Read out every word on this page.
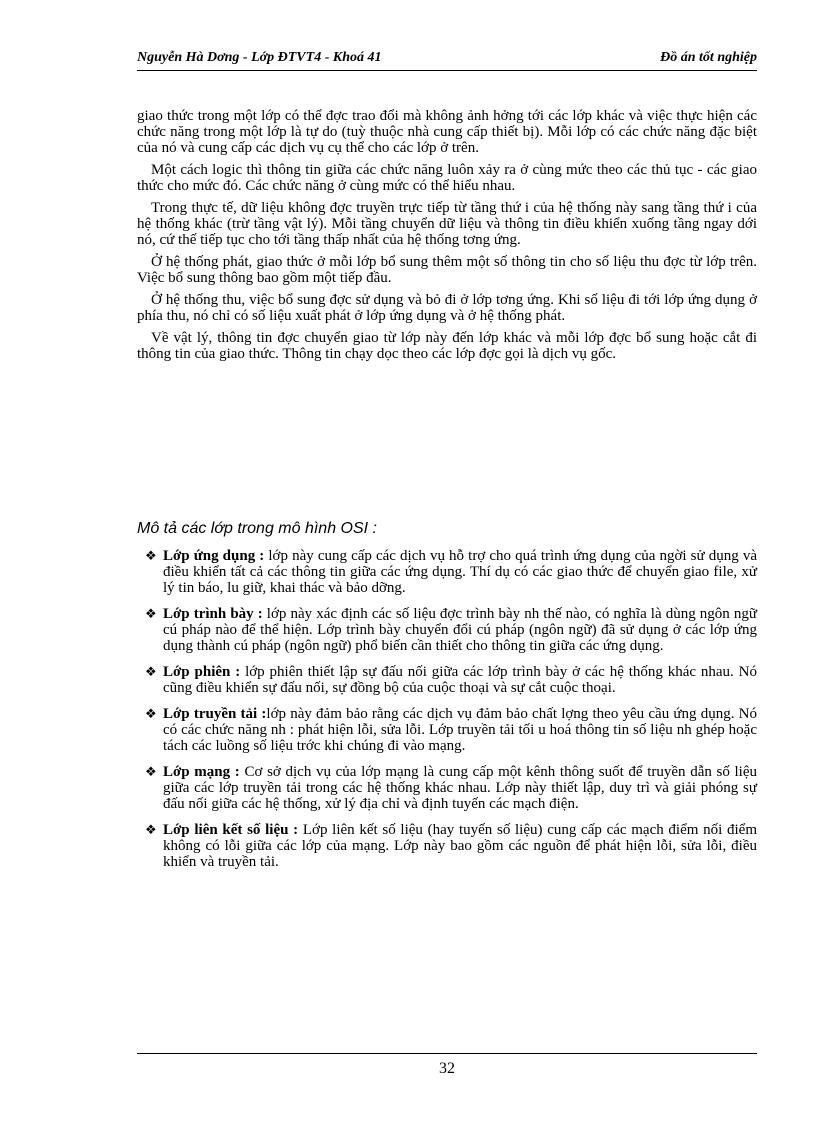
Nguyễn Hà Dơng - Lớp ĐTVT4 - Khoá 41	Đồ án tốt nghiệp

giao thức trong một lớp có thể đợc trao đổi mà không ảnh hởng tới các lớp khác và việc thực hiện các chức năng trong một lớp là tự do (tuỳ thuộc nhà cung cấp thiết bị). Mỗi lớp có các chức năng đặc biệt của nó và cung cấp các dịch vụ cụ thể cho các lớp ở trên.

Một cách logic thì thông tin giữa các chức năng luôn xảy ra ở cùng mức theo các thủ tục - các giao thức cho mức đó. Các chức năng ở cùng mức có thể hiểu nhau.

Trong thực tế, dữ liệu không đợc truyền trực tiếp từ tầng thứ i của hệ thống này sang tầng thứ i của hệ thống khác (trừ tầng vật lý). Mỗi tầng chuyển dữ liệu và thông tin điều khiển xuống tầng ngay dới nó, cứ thế tiếp tục cho tới tầng thấp nhất của hệ thống tơng ứng.

Ở hệ thống phát, giao thức ở mỗi lớp bổ sung thêm một số thông tin cho số liệu thu đợc từ lớp trên. Việc bổ sung thông bao gồm một tiếp đầu.

Ở hệ thống thu, việc bổ sung đợc sử dụng và bỏ đi ở lớp tơng ứng. Khi số liệu đi tới lớp ứng dụng ở phía thu, nó chỉ có số liệu xuất phát ở lớp ứng dụng và ở hệ thống phát.

Về vật lý, thông tin đợc chuyển giao từ lớp này đến lớp khác và mỗi lớp đợc bổ sung hoặc cắt đi thông tin của giao thức. Thông tin chạy dọc theo các lớp đợc gọi là dịch vụ gốc.

Mô tả các lớp trong mô hình OSI :
❖ Lớp ứng dụng : lớp này cung cấp các dịch vụ hỗ trợ cho quá trình ứng dụng của ngời sử dụng và điều khiển tất cả các thông tin giữa các ứng dụng. Thí dụ có các giao thức để chuyển giao file, xử lý tin báo, lu giữ, khai thác và bảo dỡng.
❖ Lớp trình bày : lớp này xác định các số liệu đợc trình bày nh thế nào, có nghĩa là dùng ngôn ngữ cú pháp nào để thể hiện. Lớp trình bày chuyển đổi cú pháp (ngôn ngữ) đã sử dụng ở các lớp ứng dụng thành cú pháp (ngôn ngữ) phổ biến cần thiết cho thông tin giữa các ứng dụng.
❖ Lớp phiên : lớp phiên thiết lập sự đấu nối giữa các lớp trình bày ở các hệ thống khác nhau. Nó cũng điều khiển sự đấu nối, sự đồng bộ của cuộc thoại và sự cắt cuộc thoại.
❖ Lớp truyền tải :lớp này đảm bảo rằng các dịch vụ đảm bảo chất lợng theo yêu cầu ứng dụng. Nó có các chức năng nh : phát hiện lỗi, sửa lỗi. Lớp truyền tải tối u hoá thông tin số liệu nh ghép hoặc tách các luồng số liệu trớc khi chúng đi vào mạng.
❖ Lớp mạng : Cơ sở dịch vụ của lớp mạng là cung cấp một kênh thông suốt để truyền dẫn số liệu giữa các lớp truyền tải trong các hệ thống khác nhau. Lớp này thiết lập, duy trì và giải phóng sự đấu nối giữa các hệ thống, xử lý địa chỉ và định tuyến các mạch điện.
❖ Lớp liên kết số liệu : Lớp liên kết số liệu (hay tuyến số liệu) cung cấp các mạch điểm nối điểm không có lỗi giữa các lớp của mạng. Lớp này bao gồm các nguồn để phát hiện lỗi, sửa lỗi, điều khiển và truyền tải.
32
